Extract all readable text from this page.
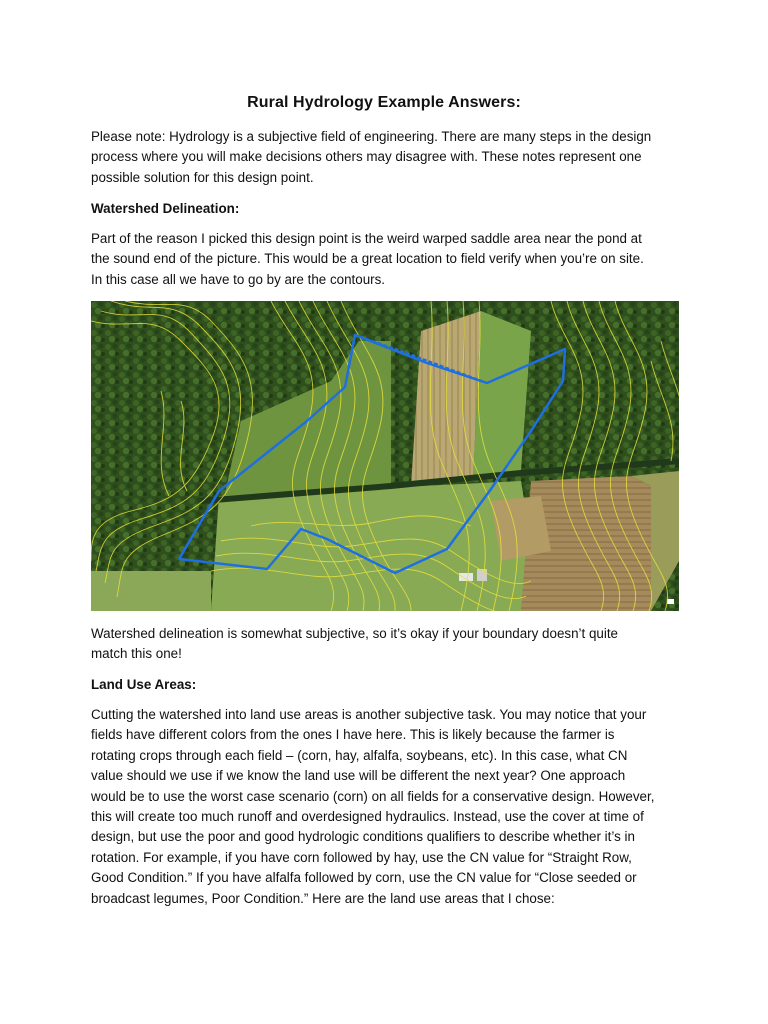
Rural Hydrology Example Answers:

Please note: Hydrology is a subjective field of engineering. There are many steps in the design
process where you will make decisions others may disagree with. These notes represent one
possible solution for this design point.

Watershed Delineation:

Part of the reason I picked this design point is the weird warped saddle area near the pond at
the sound end of the picture. This would be a great location to field verify when you’re on site.
In this case all we have to go by are the contours.

Watershed delineation is somewhat subjective, so it’s okay if your boundary doesn’t quite
match this one!

Land Use Areas:

Cutting the watershed into land use areas is another subjective task. You may notice that your
fields have different colors from the ones I have here. This is likely because the farmer is
rotating crops through each field – (corn, hay, alfalfa, soybeans, etc). In this case, what CN
value should we use if we know the land use will be different the next year? One approach
would be to use the worst case scenario (corn) on all fields for a conservative design. However,
this will create too much runoff and overdesigned hydraulics. Instead, use the cover at time of
design, but use the poor and good hydrologic conditions qualifiers to describe whether it’s in
rotation. For example, if you have corn followed by hay, use the CN value for “Straight Row,
Good Condition.” If you have alfalfa followed by corn, use the CN value for “Close seeded or
broadcast legumes, Poor Condition.” Here are the land use areas that I chose:
